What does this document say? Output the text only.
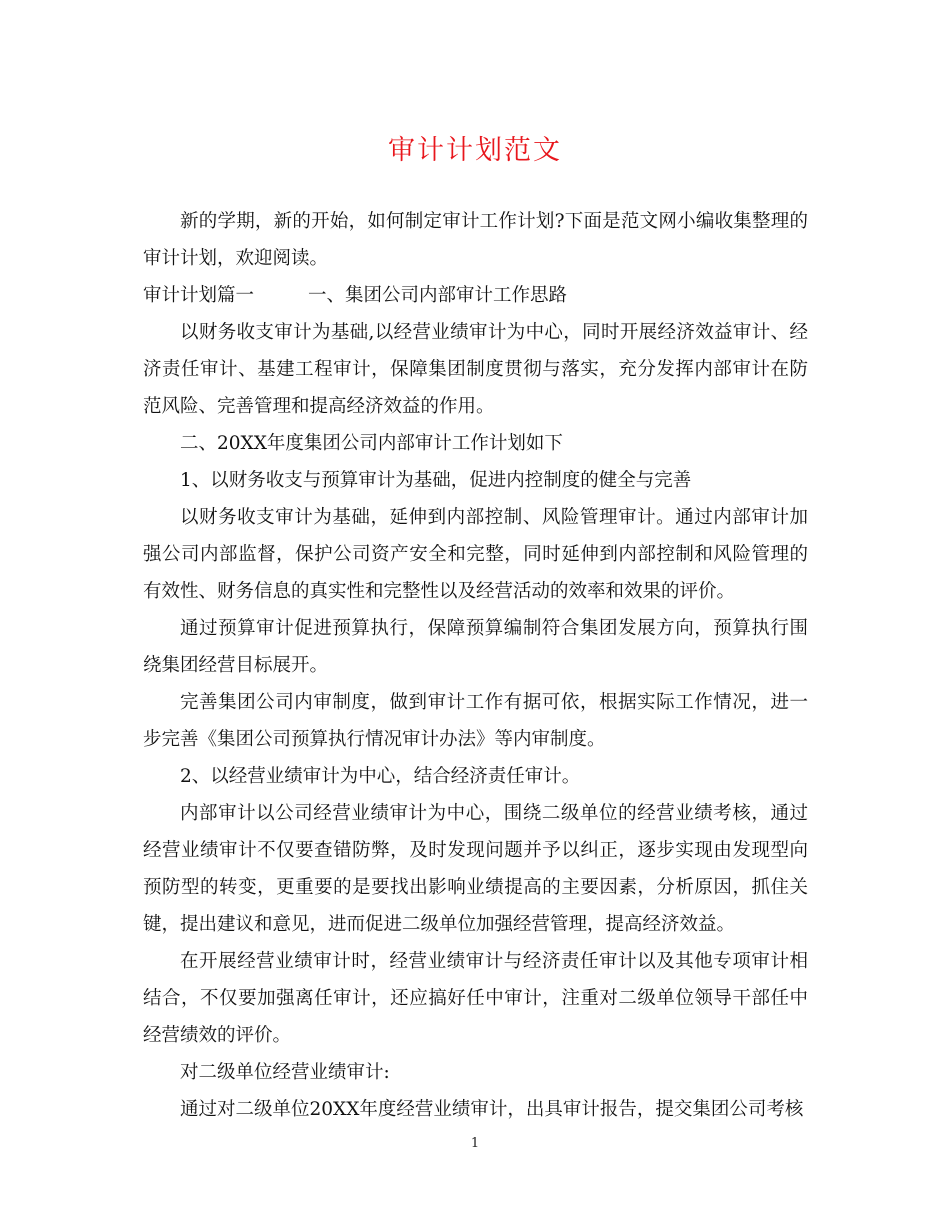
审计计划范文

新的学期，新的开始，如何制定审计工作计划?下面是范文网小编收集整理的审计计划，欢迎阅读。

审计计划篇一	一、集团公司内部审计工作思路

以财务收支审计为基础,以经营业绩审计为中心，同时开展经济效益审计、经济责任审计、基建工程审计，保障集团制度贯彻与落实，充分发挥内部审计在防范风险、完善管理和提高经济效益的作用。

二、20XX年度集团公司内部审计工作计划如下

1、以财务收支与预算审计为基础，促进内控制度的健全与完善

以财务收支审计为基础，延伸到内部控制、风险管理审计。通过内部审计加强公司内部监督，保护公司资产安全和完整，同时延伸到内部控制和风险管理的有效性、财务信息的真实性和完整性以及经营活动的效率和效果的评价。

通过预算审计促进预算执行，保障预算编制符合集团发展方向，预算执行围绕集团经营目标展开。

完善集团公司内审制度，做到审计工作有据可依，根据实际工作情况，进一步完善《集团公司预算执行情况审计办法》等内审制度。

2、以经营业绩审计为中心，结合经济责任审计。

内部审计以公司经营业绩审计为中心，围绕二级单位的经营业绩考核，通过经营业绩审计不仅要查错防弊，及时发现问题并予以纠正，逐步实现由发现型向预防型的转变，更重要的是要找出影响业绩提高的主要因素，分析原因，抓住关键，提出建议和意见，进而促进二级单位加强经营管理，提高经济效益。

在开展经营业绩审计时，经营业绩审计与经济责任审计以及其他专项审计相结合，不仅要加强离任审计，还应搞好任中审计，注重对二级单位领导干部任中经营绩效的评价。

对二级单位经营业绩审计:

通过对二级单位20XX年度经营业绩审计，出具审计报告，提交集团公司考核

1
